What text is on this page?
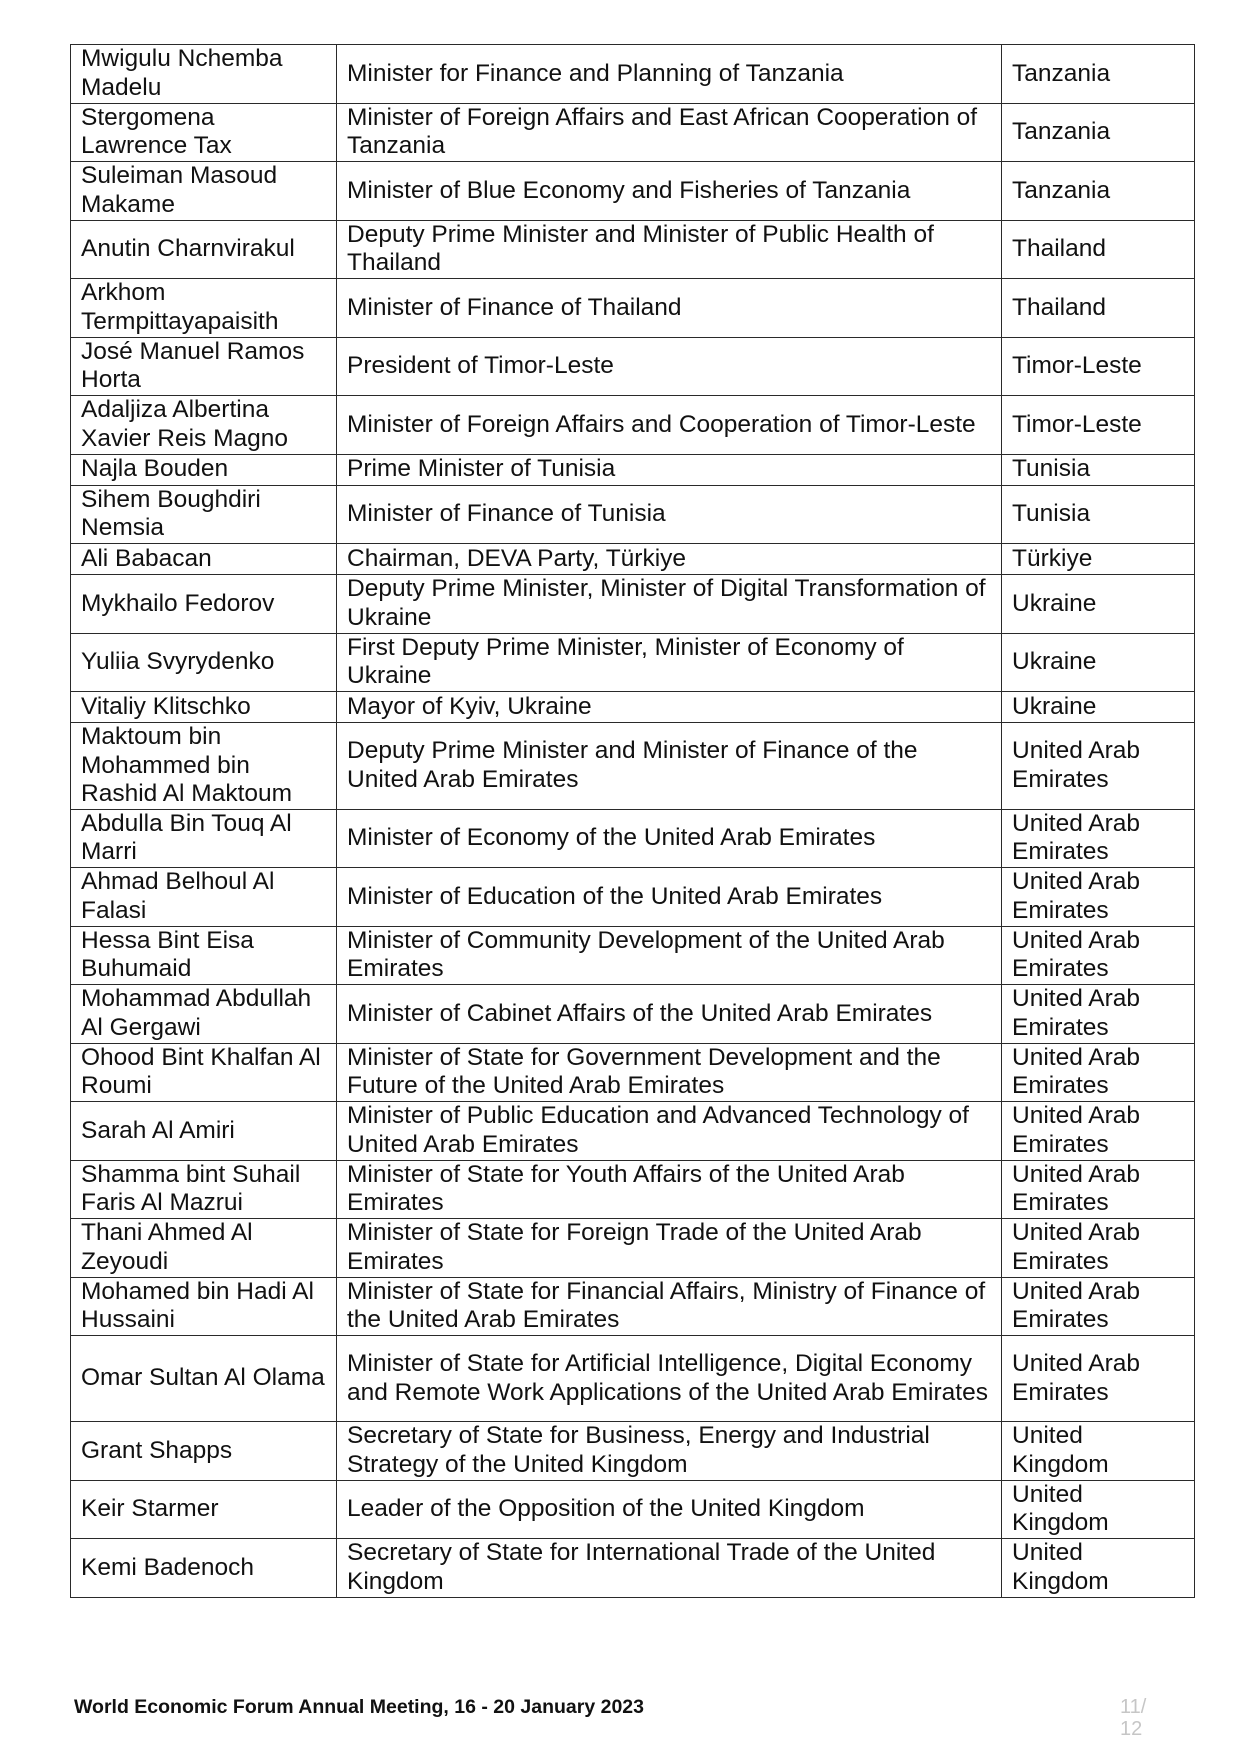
Mwigulu Nchemba Madelu	Minister for Finance and Planning of Tanzania	Tanzania
Stergomena Lawrence Tax	Minister of Foreign Affairs and East African Cooperation of Tanzania	Tanzania
Suleiman Masoud Makame	Minister of Blue Economy and Fisheries of Tanzania	Tanzania
Anutin Charnvirakul	Deputy Prime Minister and Minister of Public Health of Thailand	Thailand
Arkhom Termpittayapaisith	Minister of Finance of Thailand	Thailand
José Manuel Ramos Horta	President of Timor-Leste	Timor-Leste
Adaljiza Albertina Xavier Reis Magno	Minister of Foreign Affairs and Cooperation of Timor-Leste	Timor-Leste
Najla Bouden	Prime Minister of Tunisia	Tunisia
Sihem Boughdiri Nemsia	Minister of Finance of Tunisia	Tunisia
Ali Babacan	Chairman, DEVA Party, Türkiye	Türkiye
Mykhailo Fedorov	Deputy Prime Minister, Minister of Digital Transformation of Ukraine	Ukraine
Yuliia Svyrydenko	First Deputy Prime Minister, Minister of Economy of Ukraine	Ukraine
Vitaliy Klitschko	Mayor of Kyiv, Ukraine	Ukraine
Maktoum bin Mohammed bin Rashid Al Maktoum	Deputy Prime Minister and Minister of Finance of the United Arab Emirates	United Arab Emirates
Abdulla Bin Touq Al Marri	Minister of Economy of the United Arab Emirates	United Arab Emirates
Ahmad Belhoul Al Falasi	Minister of Education of the United Arab Emirates	United Arab Emirates
Hessa Bint Eisa Buhumaid	Minister of Community Development of the United Arab Emirates	United Arab Emirates
Mohammad Abdullah Al Gergawi	Minister of Cabinet Affairs of the United Arab Emirates	United Arab Emirates
Ohood Bint Khalfan Al Roumi	Minister of State for Government Development and the Future of the United Arab Emirates	United Arab Emirates
Sarah Al Amiri	Minister of Public Education and Advanced Technology of United Arab Emirates	United Arab Emirates
Shamma bint Suhail Faris Al Mazrui	Minister of State for Youth Affairs of the United Arab Emirates	United Arab Emirates
Thani Ahmed Al Zeyoudi	Minister of State for Foreign Trade of the United Arab Emirates	United Arab Emirates
Mohamed bin Hadi Al Hussaini	Minister of State for Financial Affairs, Ministry of Finance of the United Arab Emirates	United Arab Emirates
Omar Sultan Al Olama	Minister of State for Artificial Intelligence, Digital Economy and Remote Work Applications of the United Arab Emirates	United Arab Emirates
Grant Shapps	Secretary of State for Business, Energy and Industrial Strategy of the United Kingdom	United Kingdom
Keir Starmer	Leader of the Opposition of the United Kingdom	United Kingdom
Kemi Badenoch	Secretary of State for International Trade of the United Kingdom	United Kingdom
World Economic Forum Annual Meeting, 16 - 20 January 2023	11/ 12
